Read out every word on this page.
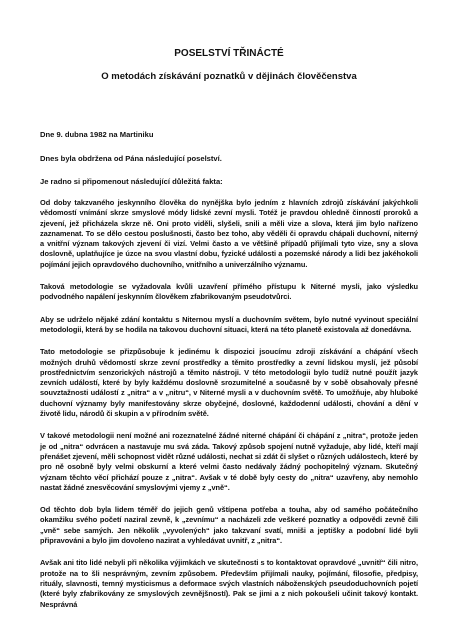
POSELSTVÍ TŘINÁCTÉ
O metodách získávání poznatků v dějinách člověčenstva

Dne 9. dubna 1982 na Martiniku

Dnes byla obdržena od Pána následující poselství.

Je radno si připomenout následující důležitá fakta:

Od doby takzvaného jeskynního člověka do nynějška bylo jedním z hlavních zdrojů získávání jakýchkoli vědomostí vnímání skrze smyslové módy lidské zevní mysli. Totéž je pravdou ohledně činností proroků a zjevení, jež přicházela skrze ně. Oni proto viděli, slyšeli, snili a měli vize a slova, která jim bylo nařízeno zaznamenat. To se dělo cestou poslušnosti, často bez toho, aby věděli či opravdu chápali duchovní, niterný a vnitřní význam takových zjevení či vizí. Velmi často a ve většině případů přijímali tyto vize, sny a slova doslovně, uplatňujíce je úzce na svou vlastní dobu, fyzické události a pozemské národy a lidi bez jakéhokoli pojímání jejich opravdového duchovního, vnitřního a univerzálního významu.

Taková metodologie se vyžadovala kvůli uzavření přímého přístupu k Niterné mysli, jako výsledku podvodného napálení jeskynním člověkem zfabrikovaným pseudotvůrci.

Aby se udrželo nějaké zdání kontaktu s Niternou myslí a duchovním světem, bylo nutné vyvinout speciální metodologii, která by se hodila na takovou duchovní situaci, která na této planetě existovala až donedávna.

Tato metodologie se přizpůsobuje k jedinému k dispozici jsoucímu zdroji získávání a chápání všech možných druhů vědomostí skrze zevní prostředky a těmito prostředky a zevní lidskou myslí, jež působí prostřednictvím senzorických nástrojů a těmito nástroji. V této metodologii bylo tudíž nutné použít jazyk zevních událostí, které by byly každému doslovně srozumitelné a současně by v sobě obsahovaly přesné souvztažnosti událostí z „nitra“ a v „nitru“, v Niterné mysli a v duchovním světě. To umožňuje, aby hluboké duchovní významy byly manifestovány skrze obyčejné, doslovné, každodenní události, chování a dění v životě lidu, národů či skupin a v přírodním světě.

V takové metodologii není možné ani rozeznatelné žádné niterné chápání či chápání z „nitra“, protože jeden je od „nitra“ odvrácen a nastavuje mu svá záda. Takový způsob spojení nutně vyžaduje, aby lidé, kteří mají přenášet zjevení, měli schopnost vidět různé události, nechat si zdát či slyšet o různých událostech, které by pro ně osobně byly velmi obskurní a které velmi často nedávaly žádný pochopitelný význam. Skutečný význam těchto věcí přichází pouze z „nitra“. Avšak v té době byly cesty do „nitra“ uzavřeny, aby nemohlo nastat žádné znesvěcování smyslovými vjemy z „vně“.

Od těchto dob byla lidem téměř do jejich genů vštípena potřeba a touha, aby od samého počátečního okamžiku svého početí naziral zevně, k „zevnímu“ a nacházeli zde veškeré poznatky a odpovědi zevně čili „vně“ sebe samých. Jen několik „vyvolených“ jako takzvaní svatí, mniši a jeptišky a podobní lidé byli připravováni a bylo jim dovoleno nazirat a vyhledávat uvnitř, z „nitra“.

Avšak ani tito lidé nebyli při několika výjimkách ve skutečnosti s to kontaktovat opravdové „uvnitř“ čili nitro, protože na to šli nesprávným, zevním způsobem. Především přijímali nauky, pojímání, filosofie, předpisy, rituály, slavnosti, temný mysticismus a deformace svých vlastních náboženských pseudoduchovních pojetí (které byly zfabrikovány ze smyslových zevnějšností). Pak se jimi a z nich pokoušeli učinit takový kontakt. Nesprávná
